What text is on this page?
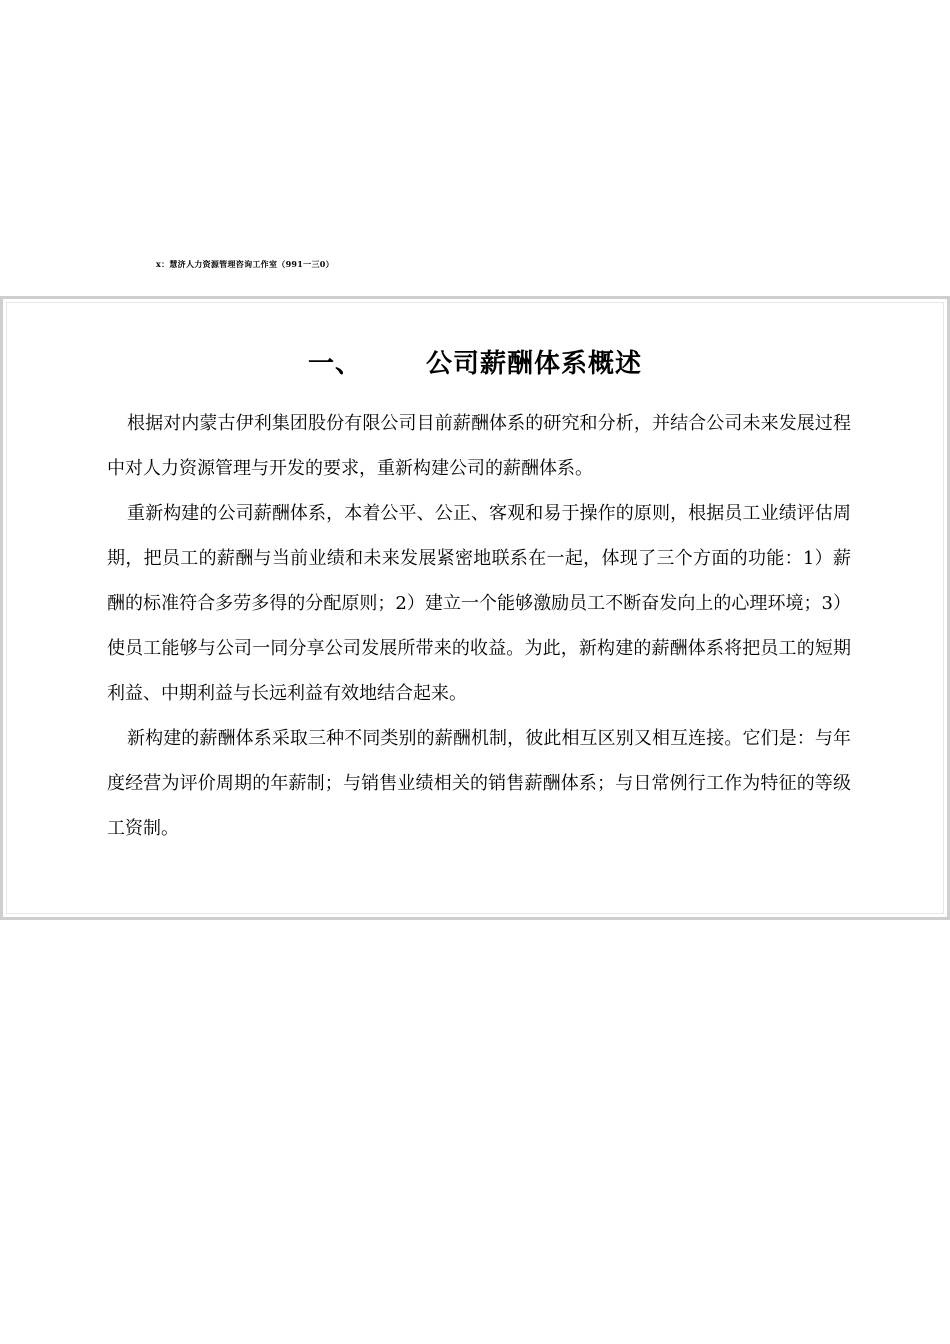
x：慧济人力资源管理咨询工作室（991一三0）
一、 公司薪酬体系概述

根据对内蒙古伊利集团股份有限公司目前薪酬体系的研究和分析，并结合公司未来发展过程中对人力资源管理与开发的要求，重新构建公司的薪酬体系。

重新构建的公司薪酬体系，本着公平、公正、客观和易于操作的原则，根据员工业绩评估周期，把员工的薪酬与当前业绩和未来发展紧密地联系在一起，体现了三个方面的功能：1）薪酬的标准符合多劳多得的分配原则；2）建立一个能够激励员工不断奋发向上的心理环境；3）使员工能够与公司一同分享公司发展所带来的收益。为此，新构建的薪酬体系将把员工的短期利益、中期利益与长远利益有效地结合起来。

新构建的薪酬体系采取三种不同类别的薪酬机制，彼此相互区别又相互连接。它们是：与年度经营为评价周期的年薪制；与销售业绩相关的销售薪酬体系；与日常例行工作为特征的等级工资制。
